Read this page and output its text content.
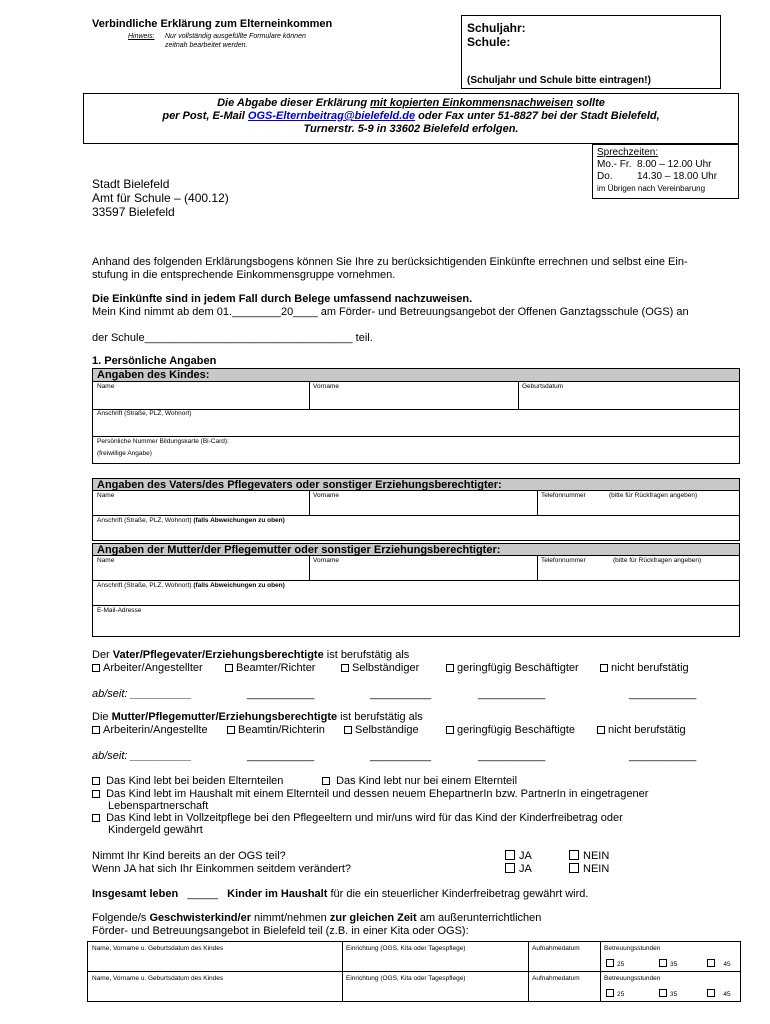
Verbindliche Erklärung zum Elterneinkommen
Hinweis: Nur vollständig ausgefüllte Formulare können
zeitnah bearbeitet werden.
Schuljahr:
Schule:
(Schuljahr und Schule bitte eintragen!)
Die Abgabe dieser Erklärung mit kopierten Einkommensnachweisen sollte
per Post, E-Mail OGS-Elternbeitrag@bielefeld.de oder Fax unter 51-8827 bei der Stadt Bielefeld,
Turnerstr. 5-9 in 33602 Bielefeld erfolgen.
Sprechzeiten:
Mo.- Fr. 8.00 – 12.00 Uhr
Do. 14.30 – 18.00 Uhr
im Übrigen nach Vereinbarung
Stadt Bielefeld
Amt für Schule – (400.12)
33597 Bielefeld
Anhand des folgenden Erklärungsbogens können Sie Ihre zu berücksichtigenden Einkünfte errechnen und selbst eine Ein-
stufung in die entsprechende Einkommensgruppe vornehmen.
Die Einkünfte sind in jedem Fall durch Belege umfassend nachzuweisen.
Mein Kind nimmt ab dem 01.________20____ am Förder- und Betreuungsangebot der Offenen Ganztagsschule (OGS) an
der Schule__________________________________ teil.
1. Persönliche Angaben
Angaben des Kindes:
Name	Vorname	Geburtsdatum
Anschrift (Straße, PLZ, Wohnort)
Persönliche Nummer Bildungskarte (Bi-Card):
(freiwillige Angabe)
Angaben des Vaters/des Pflegevaters oder sonstiger Erziehungsberechtigter:
Name	Vorname	Telefonnummer	(bitte für Rückfragen angeben)
Anschrift (Straße, PLZ, Wohnort) (falls Abweichungen zu oben)
Angaben der Mutter/der Pflegemutter oder sonstiger Erziehungsberechtigter:
Name	Vorname	Telefonnummer	(bitte für Rückfragen angeben)
Anschrift (Straße, PLZ, Wohnort) (falls Abweichungen zu oben)
E-Mail-Adresse
Der Vater/Pflegevater/Erziehungsberechtigte ist berufstätig als
Arbeiter/Angestellter	Beamter/Richter	Selbständiger	geringfügig Beschäftigter	nicht berufstätig
ab/seit: __________	___________	__________	___________	___________
Die Mutter/Pflegemutter/Erziehungsberechtigte ist berufstätig als
Arbeiterin/Angestellte	Beamtin/Richterin	Selbständige	geringfügig Beschäftigte	nicht berufstätig
ab/seit: __________	___________	__________	___________	___________
Das Kind lebt bei beiden Elternteilen	Das Kind lebt nur bei einem Elternteil
Das Kind lebt im Haushalt mit einem Elternteil und dessen neuem EhepartnerIn bzw. PartnerIn in eingetragener
Lebenspartnerschaft
Das Kind lebt in Vollzeitpflege bei den Pflegeeltern und mir/uns wird für das Kind der Kinderfreibetrag oder
Kindergeld gewährt
Nimmt Ihr Kind bereits an der OGS teil?
Wenn JA hat sich Ihr Einkommen seitdem verändert?
JA	NEIN
JA	NEIN
Insgesamt leben _____ Kinder im Haushalt für die ein steuerlicher Kinderfreibetrag gewährt wird.
Folgende/s Geschwisterkind/er nimmt/nehmen zur gleichen Zeit am außerunterrichtlichen
Förder- und Betreuungsangebot in Bielefeld teil (z.B. in einer Kita oder OGS):
Name, Vorname u. Geburtsdatum des Kindes	Einrichtung (OGS, Kita oder Tagespflege)	Aufnahmedatum	Betreuungsstunden
25	35	45
Name, Vorname u. Geburtsdatum des Kindes	Einrichtung (OGS, Kita oder Tagespflege)	Aufnahmedatum	Betreuungsstunden
25	35	45
